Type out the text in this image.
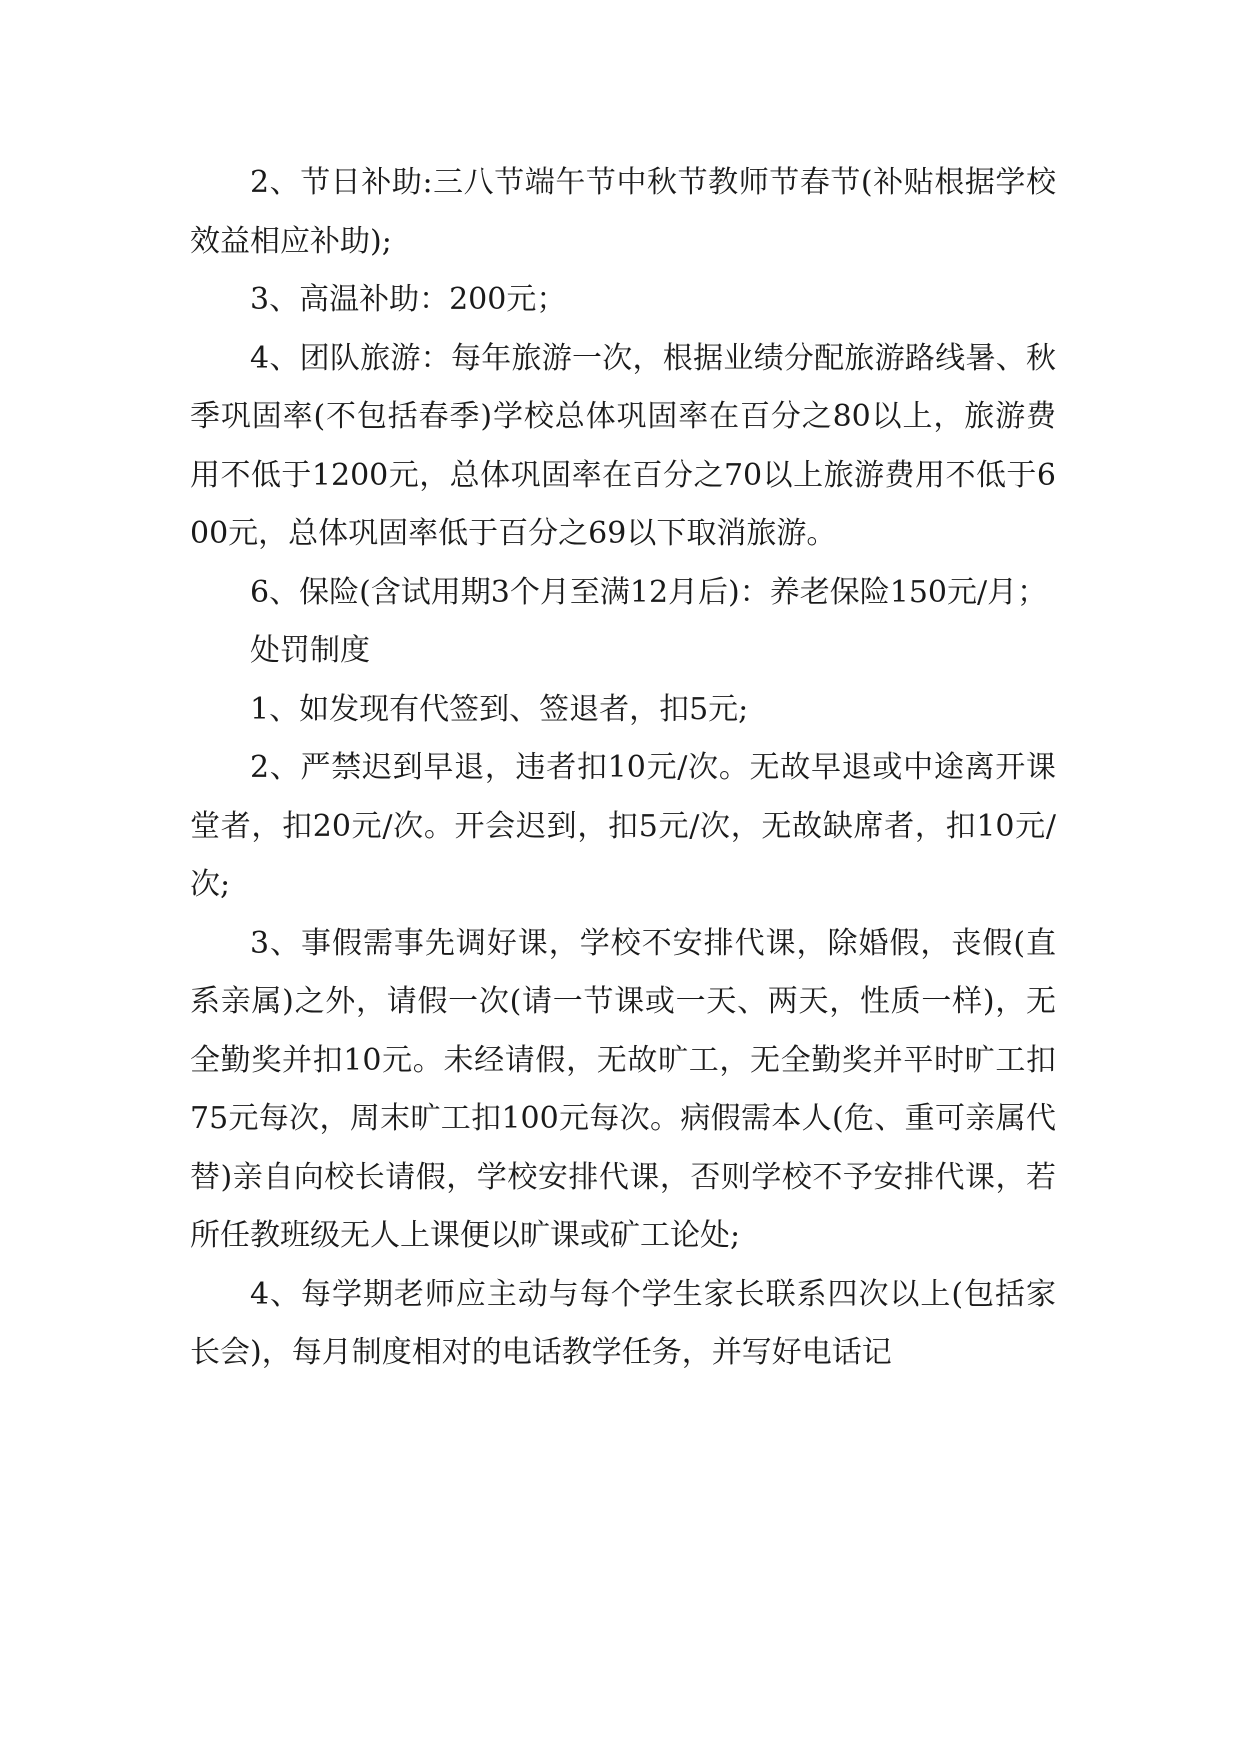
2、节日补助:三八节端午节中秋节教师节春节(补贴根据学校效益相应补助);

3、高温补助：200元；

4、团队旅游：每年旅游一次，根据业绩分配旅游路线暑、秋季巩固率(不包括春季)学校总体巩固率在百分之80以上，旅游费用不低于1200元，总体巩固率在百分之70以上旅游费用不低于600元，总体巩固率低于百分之69以下取消旅游。

6、保险(含试用期3个月至满12月后)：养老保险150元/月；

处罚制度

1、如发现有代签到、签退者，扣5元;

2、严禁迟到早退，违者扣10元/次。无故早退或中途离开课堂者，扣20元/次。开会迟到，扣5元/次，无故缺席者，扣10元/次;

3、事假需事先调好课，学校不安排代课，除婚假，丧假(直系亲属)之外，请假一次(请一节课或一天、两天，性质一样)，无全勤奖并扣10元。未经请假，无故旷工，无全勤奖并平时旷工扣75元每次，周末旷工扣100元每次。病假需本人(危、重可亲属代替)亲自向校长请假，学校安排代课，否则学校不予安排代课，若所任教班级无人上课便以旷课或矿工论处;

4、每学期老师应主动与每个学生家长联系四次以上(包括家长会)，每月制度相对的电话教学任务，并写好电话记
